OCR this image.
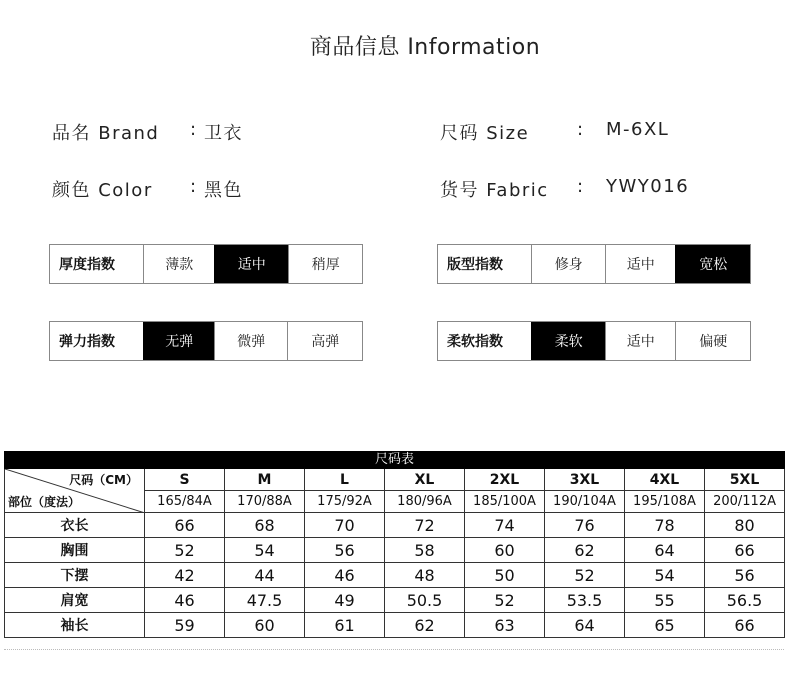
商品信息 Information
品名 Brand : 卫衣
颜色 Color : 黑色
尺码 Size	: M-6XL
货号 Fabric : YWY016
厚度指数	薄款	适中	稍厚	版型指数	修身	适中	宽松
弹力指数	无弹	微弹	高弹	柔软指数	柔软	适中	偏硬
尺码表								

尺码（CM）
部位（度法）	S	M	L	XL	2XL	3XL	4XL	5XL
	165/84A	170/88A	175/92A	180/96A	185/100A	190/104A	195/108A	200/112A
衣长	66	68	70	72	74	76	78	80
胸围	52	54	56	58	60	62	64	66
下摆	42	44	46	48	50	52	54	56
肩宽	46	47.5	49	50.5	52	53.5	55	56.5
袖长	59	60	61	62	63	64	65	66
